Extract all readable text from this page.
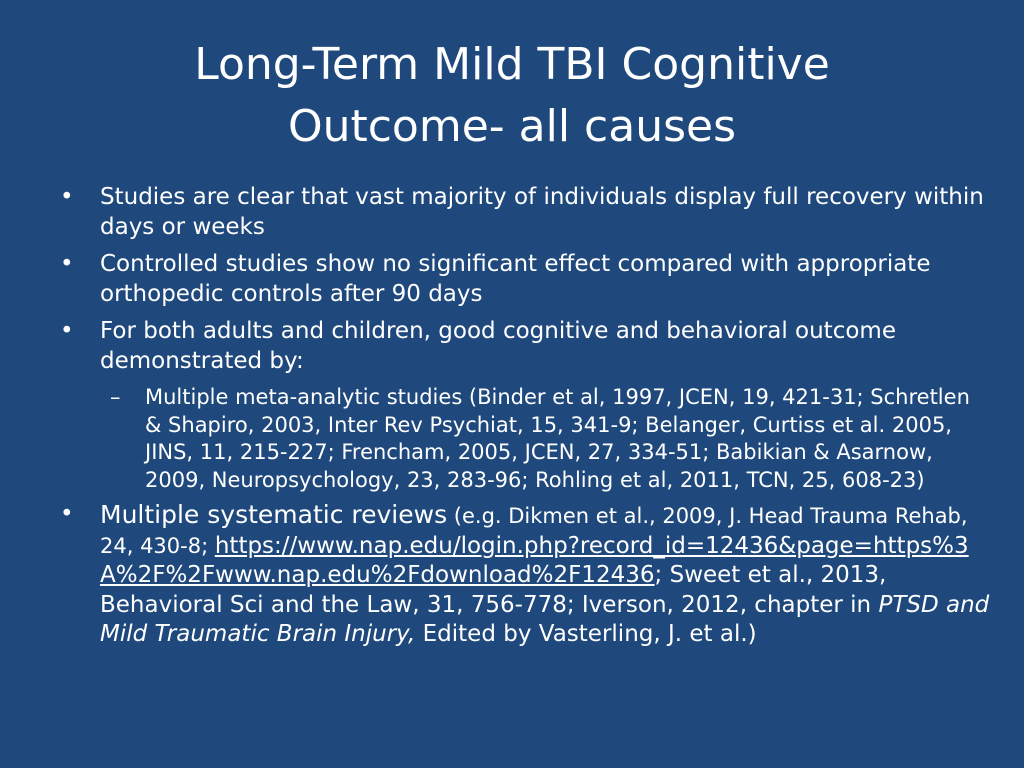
Long-Term Mild TBI Cognitive
Outcome- all causes
• Studies are clear that vast majority of individuals display full recovery within days or weeks
• Controlled studies show no significant effect compared with appropriate orthopedic controls after 90 days
• For both adults and children, good cognitive and behavioral outcome demonstrated by:
– Multiple meta-analytic studies (Binder et al, 1997, JCEN, 19, 421-31; Schretlen & Shapiro, 2003, Inter Rev Psychiat, 15, 341-9; Belanger, Curtiss et al. 2005, JINS, 11, 215-227; Frencham, 2005, JCEN, 27, 334-51; Babikian & Asarnow, 2009, Neuropsychology, 23, 283-96; Rohling et al, 2011, TCN, 25, 608-23)
• Multiple systematic reviews (e.g. Dikmen et al., 2009, J. Head Trauma Rehab, 24, 430-8; https://www.nap.edu/login.php?record_id=12436&page=https%3A%2F%2Fwww.nap.edu%2Fdownload%2F12436; Sweet et al., 2013, Behavioral Sci and the Law, 31, 756-778; Iverson, 2012, chapter in PTSD and Mild Traumatic Brain Injury, Edited by Vasterling, J. et al.)
